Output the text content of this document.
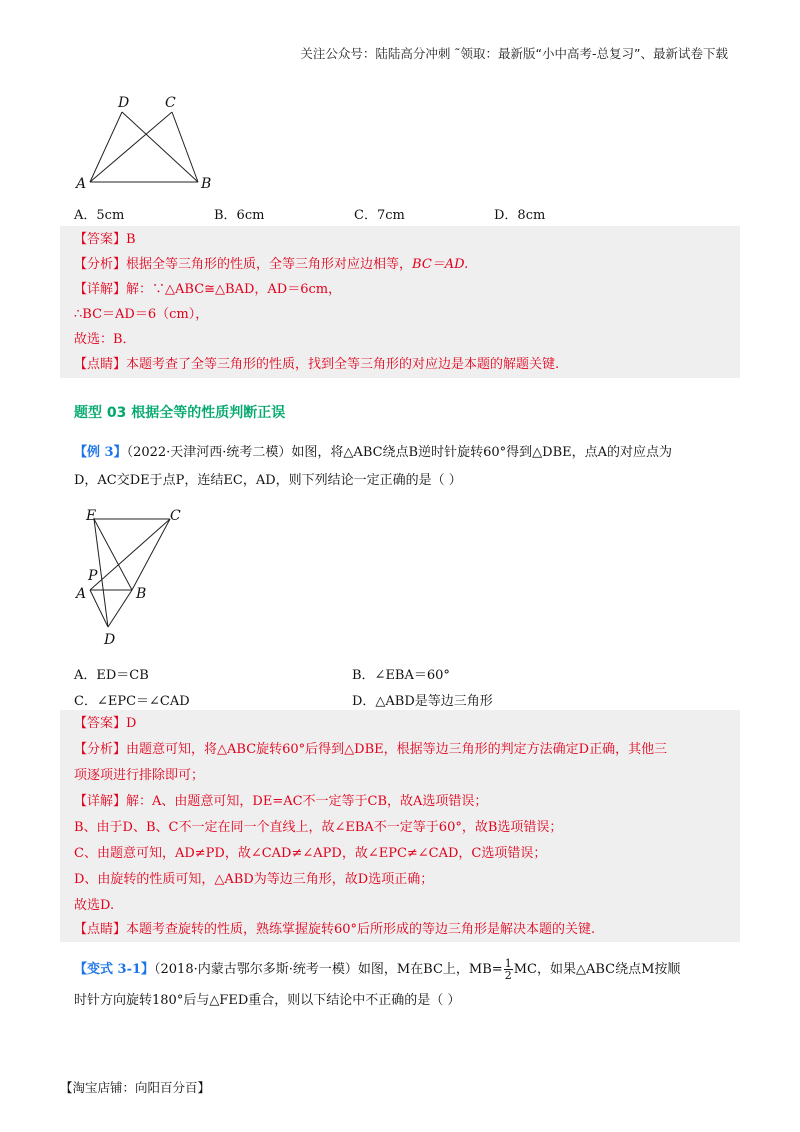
关注公众号：陆陆高分冲刺 ˜领取：最新版“小中高考-总复习”、最新试卷下载
D	C
A	B
A．5cm	B．6cm	C．7cm	D．8cm
【答案】B
【分析】根据全等三角形的性质，全等三角形对应边相等，BC＝AD.
【详解】解：∵△ABC≅△BAD，AD＝6cm，
∴BC＝AD＝6（cm），
故选：B．
【点睛】本题考查了全等三角形的性质，找到全等三角形的对应边是本题的解题关键.
题型 03 根据全等的性质判断正误
【例 3】（2022·天津河西·统考二模）如图，将△ABC绕点B逆时针旋转60°得到△DBE，点A的对应点为
D，AC交DE于点P，连结EC，AD，则下列结论一定正确的是（ ）
E	C
P
A	B
D
A．ED＝CB	B．∠EBA＝60°
C．∠EPC＝∠CAD	D．△ABD是等边三角形
【答案】D
【分析】由题意可知，将△ABC旋转60°后得到△DBE，根据等边三角形的判定方法确定D正确，其他三
项逐项进行排除即可；
【详解】解：A、由题意可知，DE=AC不一定等于CB，故A选项错误；
B、由于D、B、C不一定在同一个直线上，故∠EBA不一定等于60°，故B选项错误；
C、由题意可知，AD≠PD，故∠CAD≠∠APD，故∠EPC≠∠CAD，C选项错误；
D、由旋转的性质可知，△ABD为等边三角形，故D选项正确；
故选D.
【点睛】本题考查旋转的性质，熟练掌握旋转60°后所形成的等边三角形是解决本题的关键.
【变式 3-1】（2018·内蒙古鄂尔多斯·统考一模）如图，M在BC上，$MB= \frac{1}{2}$ MC，如果△ABC绕点M按顺
时针方向旋转180°后与△FED重合，则以下结论中不正确的是（ ）
【淘宝店铺：向阳百分百】
